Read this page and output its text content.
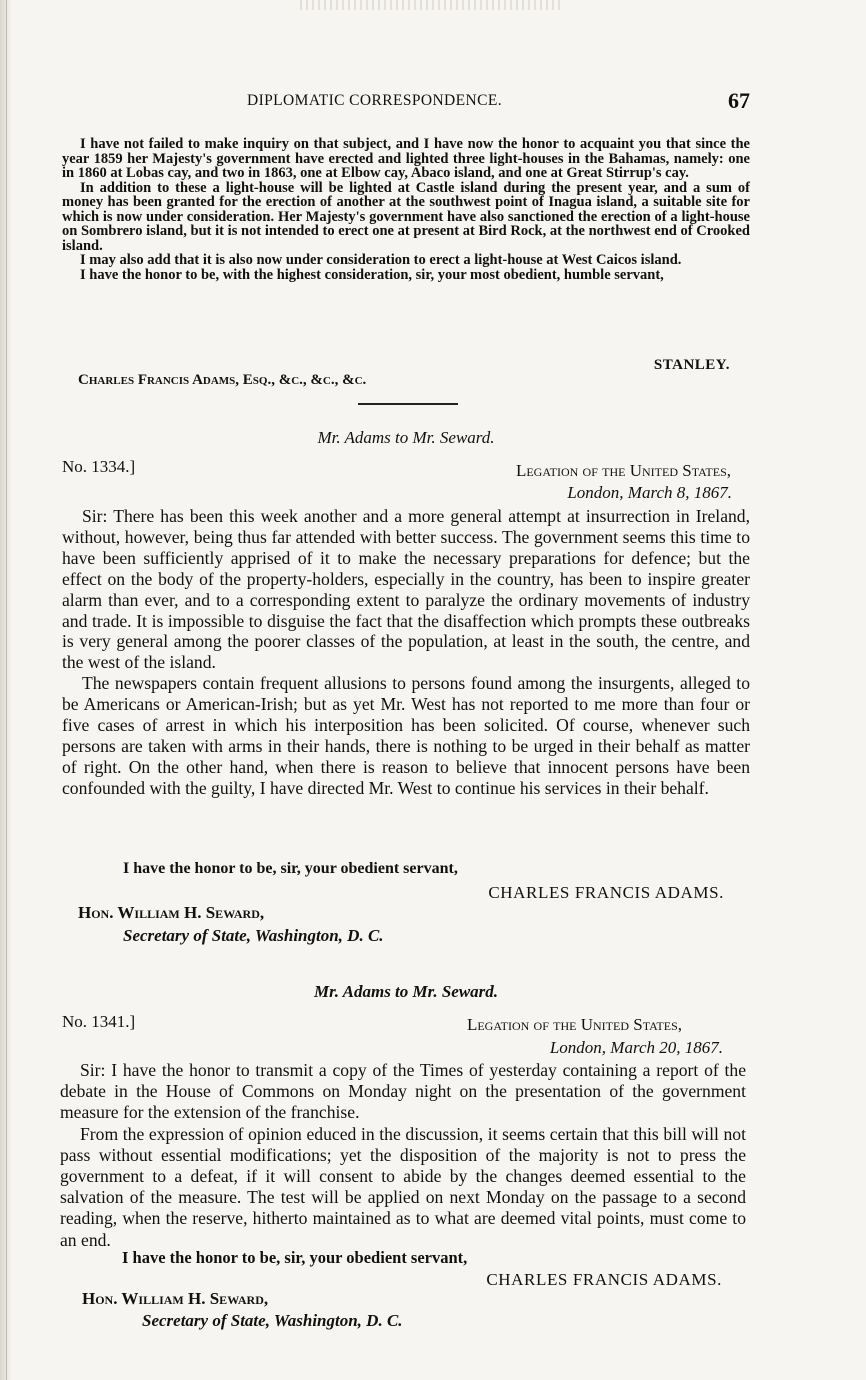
DIPLOMATIC CORRESPONDENCE.	67

I have not failed to make inquiry on that subject, and I have now the honor to acquaint you that since the year 1859 her Majesty's government have erected and lighted three light-houses in the Bahamas, namely: one in 1860 at Lobas cay, and two in 1863, one at Elbow cay, Abaco island, and one at Great Stirrup's cay.

In addition to these a light-house will be lighted at Castle island during the present year, and a sum of money has been granted for the erection of another at the southwest point of Inagua island, a suitable site for which is now under consideration. Her Majesty's government have also sanctioned the erection of a light-house on Sombrero island, but it is not intended to erect one at present at Bird Rock, at the northwest end of Crooked island.

I may also add that it is also now under consideration to erect a light-house at West Caicos island.

I have the honor to be, with the highest consideration, sir, your most obedient, humble servant,

STANLEY.
Charles Francis Adams, Esq., &c., &c., &c.
Mr. Adams to Mr. Seward.
No. 1334.]	Legation of the United States,
London, March 8, 1867.

Sir: There has been this week another and a more general attempt at insurrection in Ireland, without, however, being thus far attended with better success. The government seems this time to have been sufficiently apprised of it to make the necessary preparations for defence; but the effect on the body of the property-holders, especially in the country, has been to inspire greater alarm than ever, and to a corresponding extent to paralyze the ordinary movements of industry and trade. It is impossible to disguise the fact that the disaffection which prompts these outbreaks is very general among the poorer classes of the population, at least in the south, the centre, and the west of the island.

The newspapers contain frequent allusions to persons found among the insurgents, alleged to be Americans or American-Irish; but as yet Mr. West has not reported to me more than four or five cases of arrest in which his interposition has been solicited. Of course, whenever such persons are taken with arms in their hands, there is nothing to be urged in their behalf as matter of right. On the other hand, when there is reason to believe that innocent persons have been confounded with the guilty, I have directed Mr. West to continue his services in their behalf.

I have the honor to be, sir, your obedient servant,
CHARLES FRANCIS ADAMS.
Hon. William H. Seward,
Secretary of State, Washington, D. C.
Mr. Adams to Mr. Seward.
No. 1341.]	Legation of the United States,
London, March 20, 1867.

Sir: I have the honor to transmit a copy of the Times of yesterday containing a report of the debate in the House of Commons on Monday night on the presentation of the government measure for the extension of the franchise.

From the expression of opinion educed in the discussion, it seems certain that this bill will not pass without essential modifications; yet the disposition of the majority is not to press the government to a defeat, if it will consent to abide by the changes deemed essential to the salvation of the measure. The test will be applied on next Monday on the passage to a second reading, when the reserve, hitherto maintained as to what are deemed vital points, must come to an end.

I have the honor to be, sir, your obedient servant,
CHARLES FRANCIS ADAMS.
Hon. William H. Seward,
Secretary of State, Washington, D. C.
